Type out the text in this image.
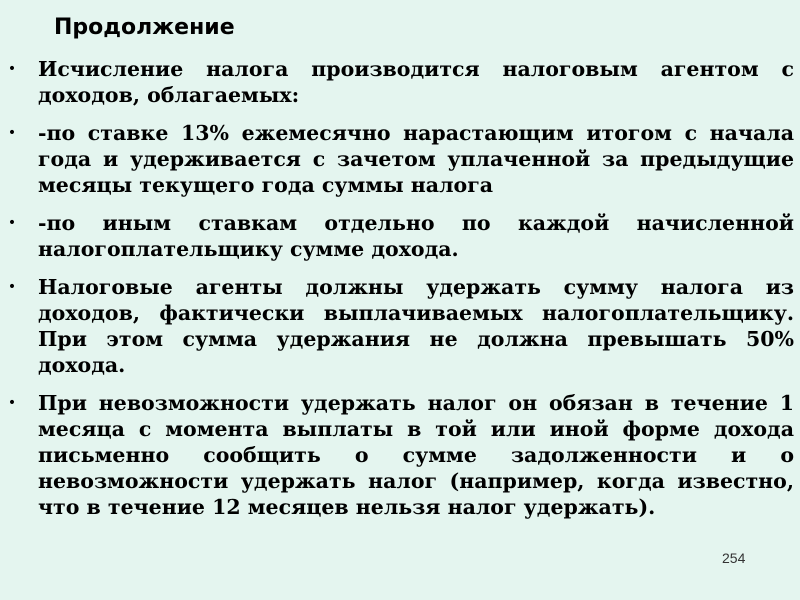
Продолжение
• Исчисление налога производится налоговым агентом с доходов, облагаемых:
• -по ставке 13% ежемесячно нарастающим итогом с начала года и удерживается с зачетом уплаченной за предыдущие месяцы текущего года суммы налога
• -по иным ставкам отдельно по каждой начисленной налогоплательщику сумме дохода.
• Налоговые агенты должны удержать сумму налога из доходов, фактически выплачиваемых налогоплательщику. При этом сумма удержания не должна превышать 50% дохода.
• При невозможности удержать налог он обязан в течение 1 месяца с момента выплаты в той или иной форме дохода письменно сообщить о сумме задолженности и о невозможности удержать налог (например, когда известно, что в течение 12 месяцев нельзя налог удержать).
254
